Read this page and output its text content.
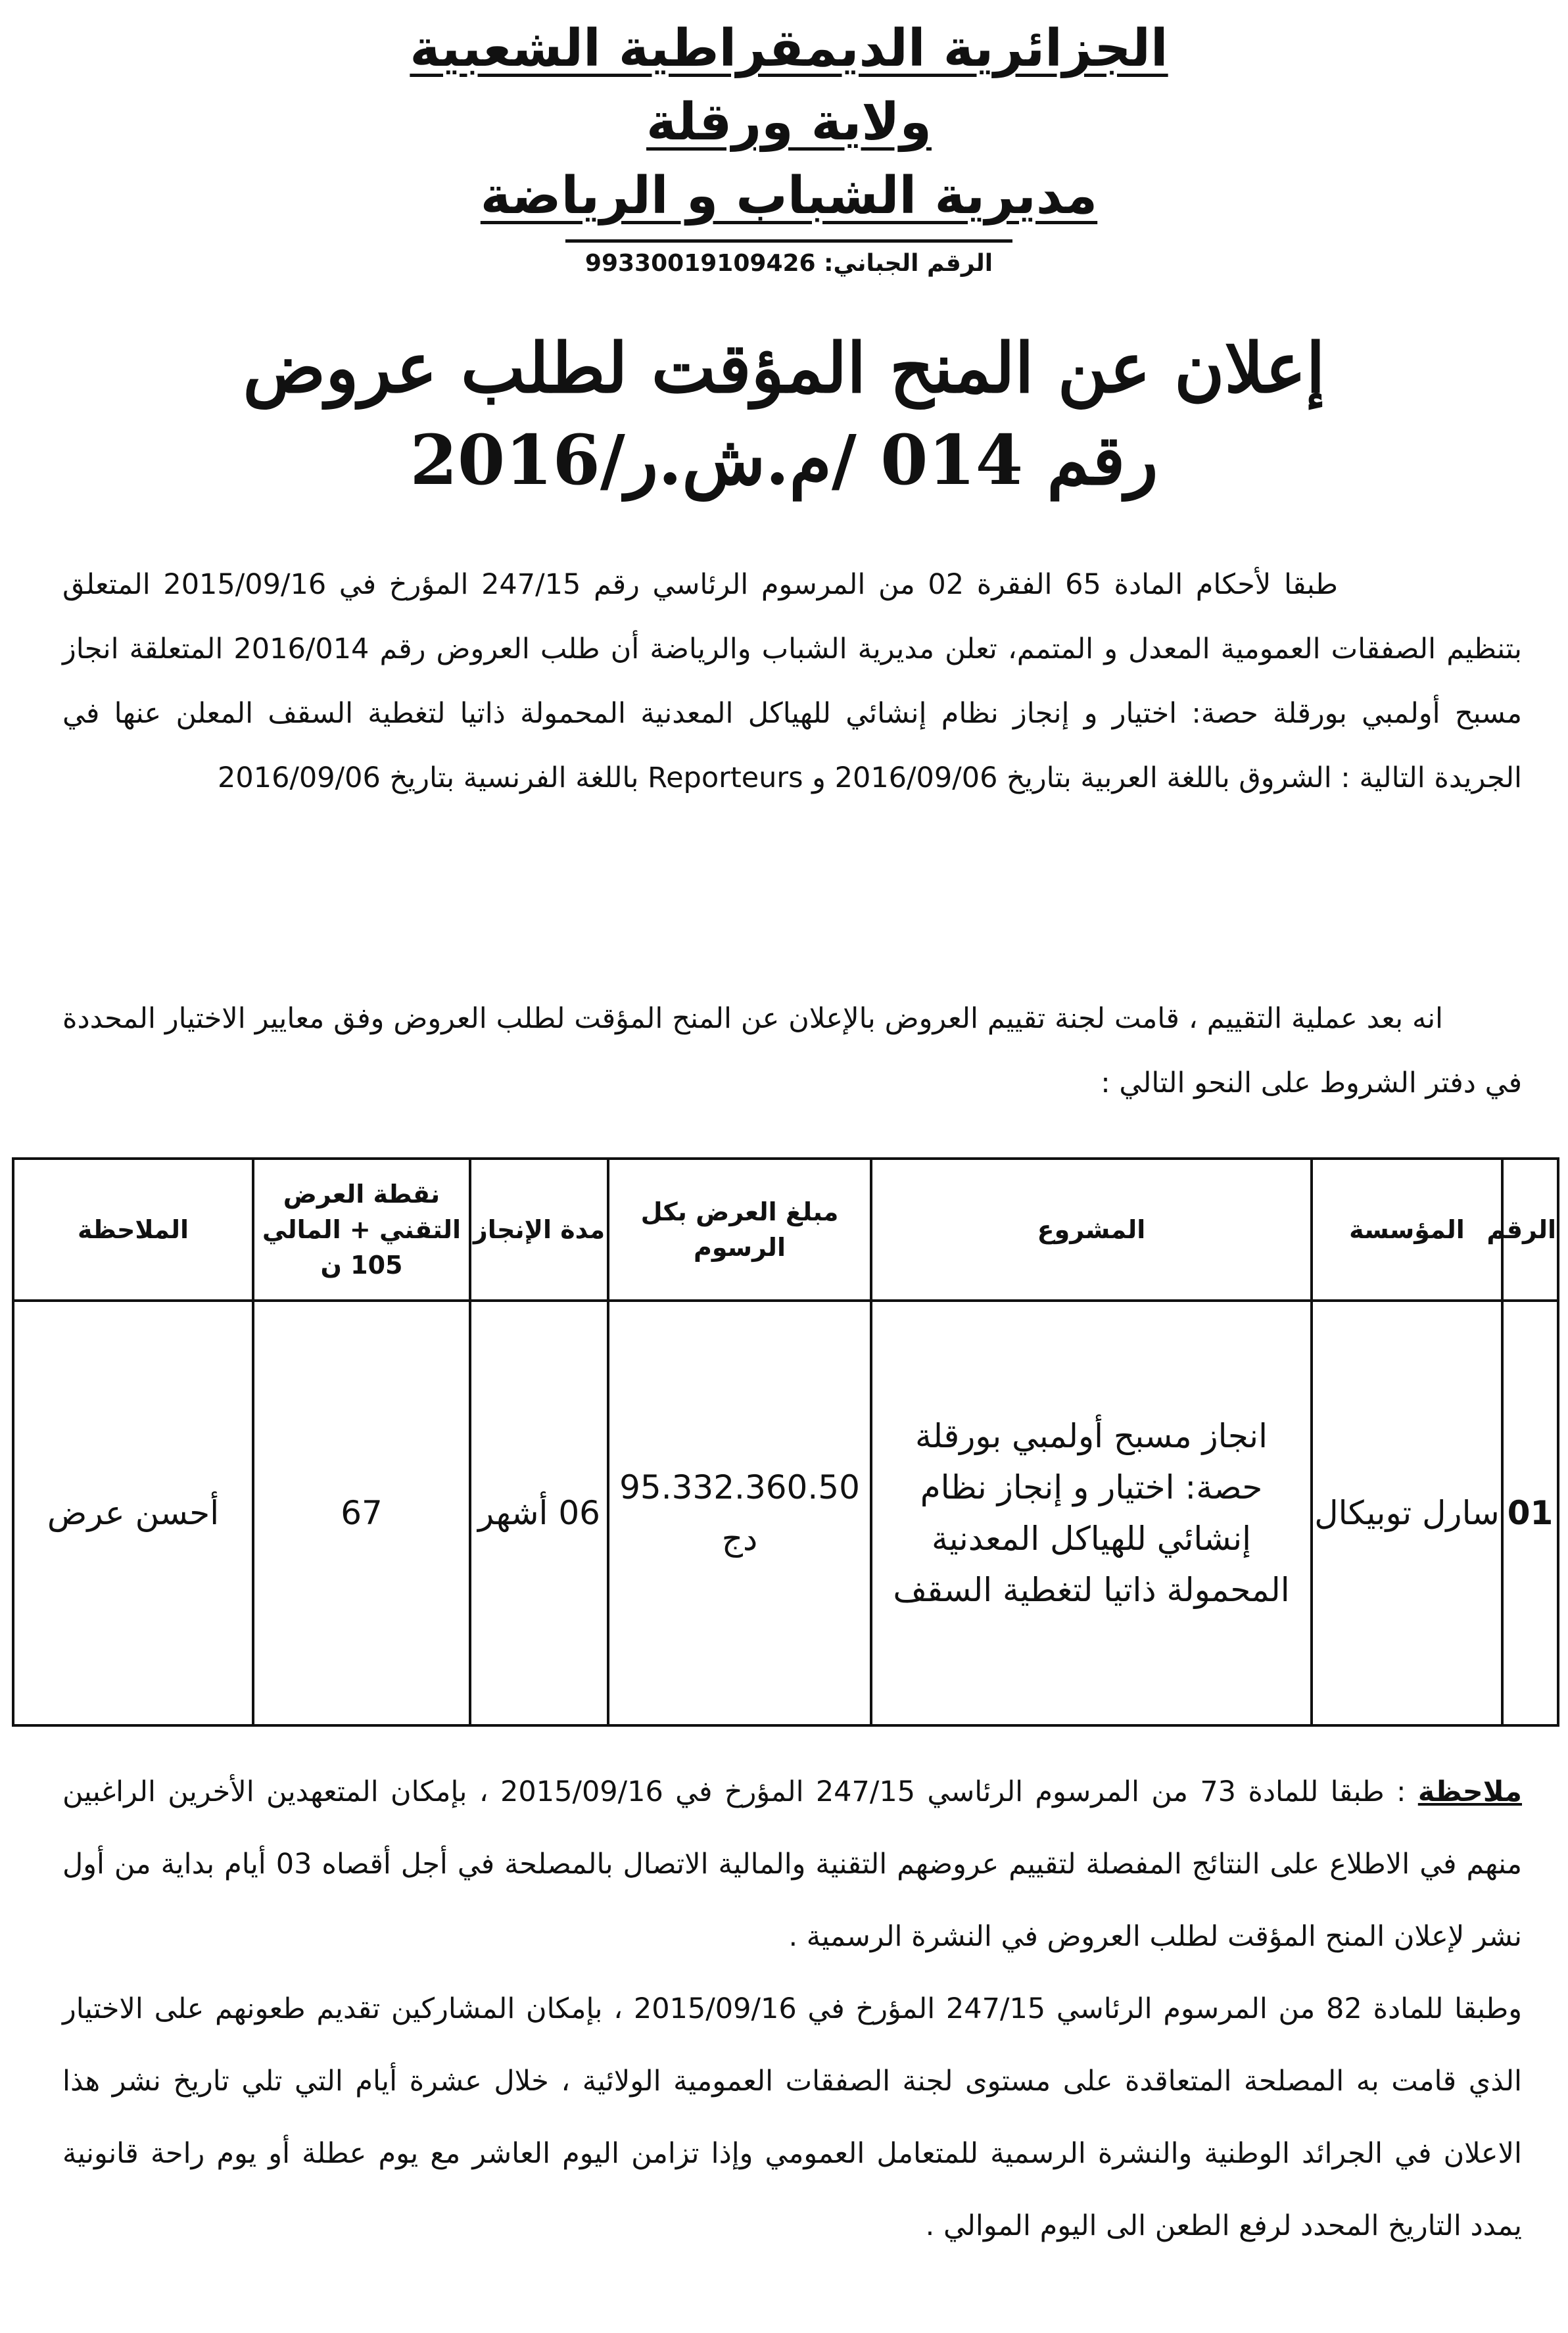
الجزائرية الديمقراطية الشعبية
ولاية ورقلة
مديرية الشباب و الرياضة
الرقم الجباني: 99330019109426
إعلان عن المنح المؤقت لطلب عروض
رقم 014 /م.ش.ر/2016

طبقا لأحكام المادة 65 الفقرة 02 من المرسوم الرئاسي رقم 247/15 المؤرخ في 2015/09/16 المتعلق بتنظيم الصفقات العمومية المعدل و المتمم، تعلن مديرية الشباب والرياضة أن طلب العروض رقم 2016/014 المتعلقة انجاز مسبح أولمبي بورقلة حصة: اختيار و إنجاز نظام إنشائي للهياكل المعدنية المحمولة ذاتيا لتغطية السقف المعلن عنها في الجريدة التالية : الشروق باللغة العربية بتاريخ 2016/09/06 و Reporteurs باللغة الفرنسية بتاريخ 2016/09/06

انه بعد عملية التقييم ، قامت لجنة تقييم العروض بالإعلان عن المنح المؤقت لطلب العروض وفق معايير الاختيار المحددة في دفتر الشروط على النحو التالي :

الرقم	المؤسسة	المشروع	مبلغ العرض بكل الرسوم	مدة الإنجاز	نقطة العرض التقني + المالي 105 ن	الملاحظة
01	سارل توبيكال	انجاز مسبح أولمبي بورقلة حصة: اختيار و إنجاز نظام إنشائي للهياكل المعدنية المحمولة ذاتيا لتغطية السقف	95.332.360.50 دج	06 أشهر	67	أحسن عرض

ملاحظة : طبقا للمادة 73 من المرسوم الرئاسي 247/15 المؤرخ في 2015/09/16 ، بإمكان المتعهدين الأخرين الراغبين منهم في الاطلاع على النتائج المفصلة لتقييم عروضهم التقنية والمالية الاتصال بالمصلحة في أجل أقصاه 03 أيام بداية من أول نشر لإعلان المنح المؤقت لطلب العروض في النشرة الرسمية .

وطبقا للمادة 82 من المرسوم الرئاسي 247/15 المؤرخ في 2015/09/16 ، بإمكان المشاركين تقديم طعونهم على الاختيار الذي قامت به المصلحة المتعاقدة على مستوى لجنة الصفقات العمومية الولائية ، خلال عشرة أيام التي تلي تاريخ نشر هذا الاعلان في الجرائد الوطنية والنشرة الرسمية للمتعامل العمومي وإذا تزامن اليوم العاشر مع يوم عطلة أو يوم راحة قانونية يمدد التاريخ المحدد لرفع الطعن الى اليوم الموالي .
